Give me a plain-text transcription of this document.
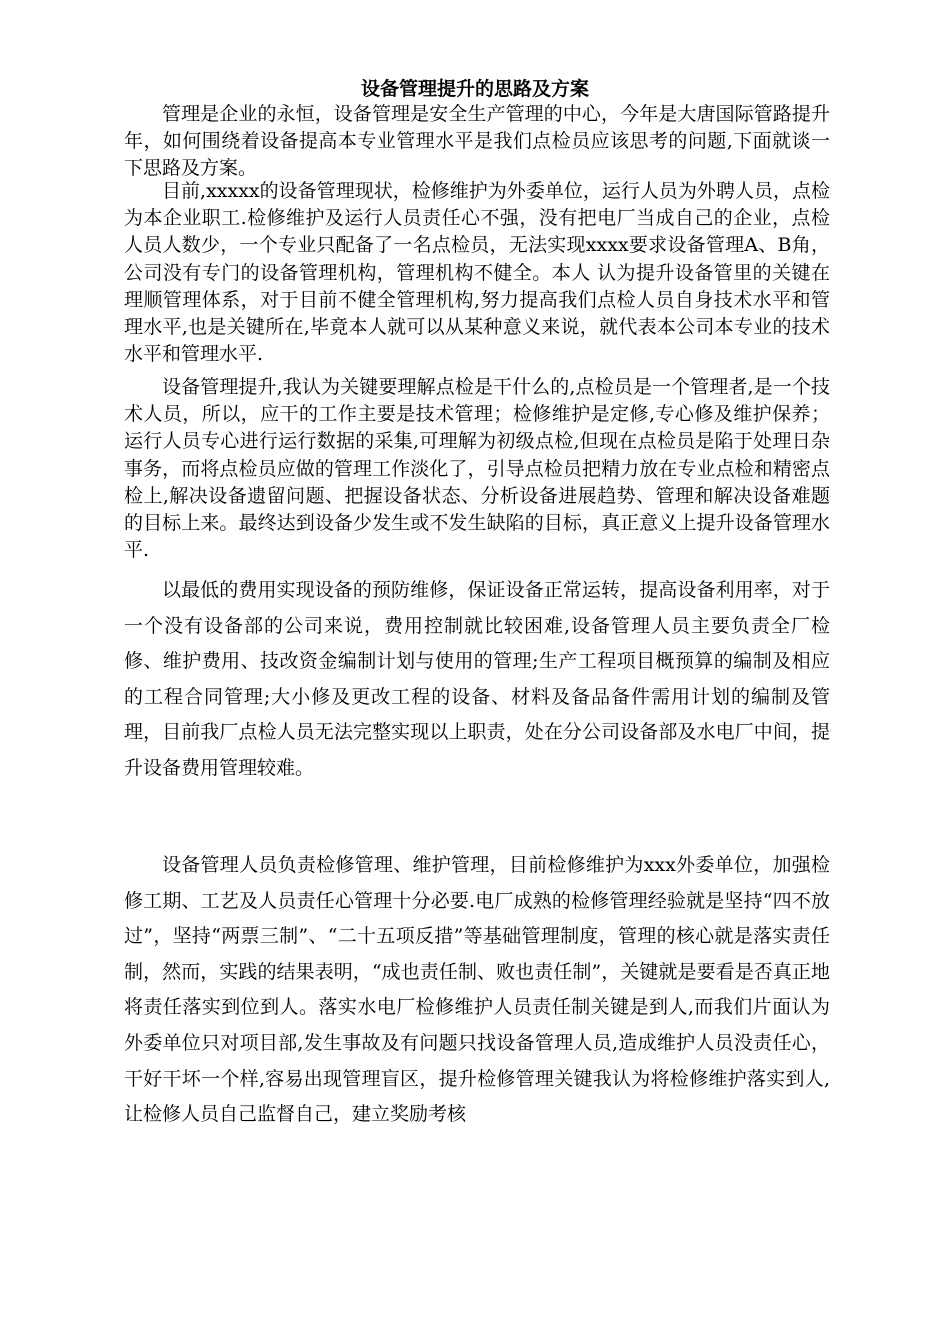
设备管理提升的思路及方案

管理是企业的永恒，设备管理是安全生产管理的中心，今年是大唐国际管路提升年，如何围绕着设备提高本专业管理水平是我们点检员应该思考的问题,下面就谈一下思路及方案。

目前,xxxxx的设备管理现状，检修维护为外委单位，运行人员为外聘人员，点检为本企业职工.检修维护及运行人员责任心不强，没有把电厂当成自己的企业，点检人员人数少，一个专业只配备了一名点检员，无法实现xxxx要求设备管理A、B角，公司没有专门的设备管理机构，管理机构不健全。本人 认为提升设备管里的关键在理顺管理体系，对于目前不健全管理机构,努力提高我们点检人员自身技术水平和管理水平,也是关键所在,毕竟本人就可以从某种意义来说，就代表本公司本专业的技术水平和管理水平.

设备管理提升,我认为关键要理解点检是干什么的,点检员是一个管理者,是一个技术人员，所以，应干的工作主要是技术管理；检修维护是定修,专心修及维护保养；运行人员专心进行运行数据的采集,可理解为初级点检,但现在点检员是陷于处理日杂事务，而将点检员应做的管理工作淡化了，引导点检员把精力放在专业点检和精密点检上,解决设备遗留问题、把握设备状态、分析设备进展趋势、管理和解决设备难题的目标上来。最终达到设备少发生或不发生缺陷的目标，真正意义上提升设备管理水平.

以最低的费用实现设备的预防维修，保证设备正常运转，提高设备利用率，对于一个没有设备部的公司来说，费用控制就比较困难,设备管理人员主要负责全厂检修、维护费用、技改资金编制计划与使用的管理;生产工程项目概预算的编制及相应的工程合同管理;大小修及更改工程的设备、材料及备品备件需用计划的编制及管理，目前我厂点检人员无法完整实现以上职责，处在分公司设备部及水电厂中间，提升设备费用管理较难。

设备管理人员负责检修管理、维护管理，目前检修维护为xxx外委单位，加强检修工期、工艺及人员责任心管理十分必要.电厂成熟的检修管理经验就是坚持“四不放过”，坚持“两票三制”、“二十五项反措”等基础管理制度，管理的核心就是落实责任制，然而，实践的结果表明，“成也责任制、败也责任制”，关键就是要看是否真正地将责任落实到位到人。落实水电厂检修维护人员责任制关键是到人,而我们片面认为外委单位只对项目部,发生事故及有问题只找设备管理人员,造成维护人员没责任心，干好干坏一个样,容易出现管理盲区，提升检修管理关键我认为将检修维护落实到人,让检修人员自己监督自己，建立奖励考核
